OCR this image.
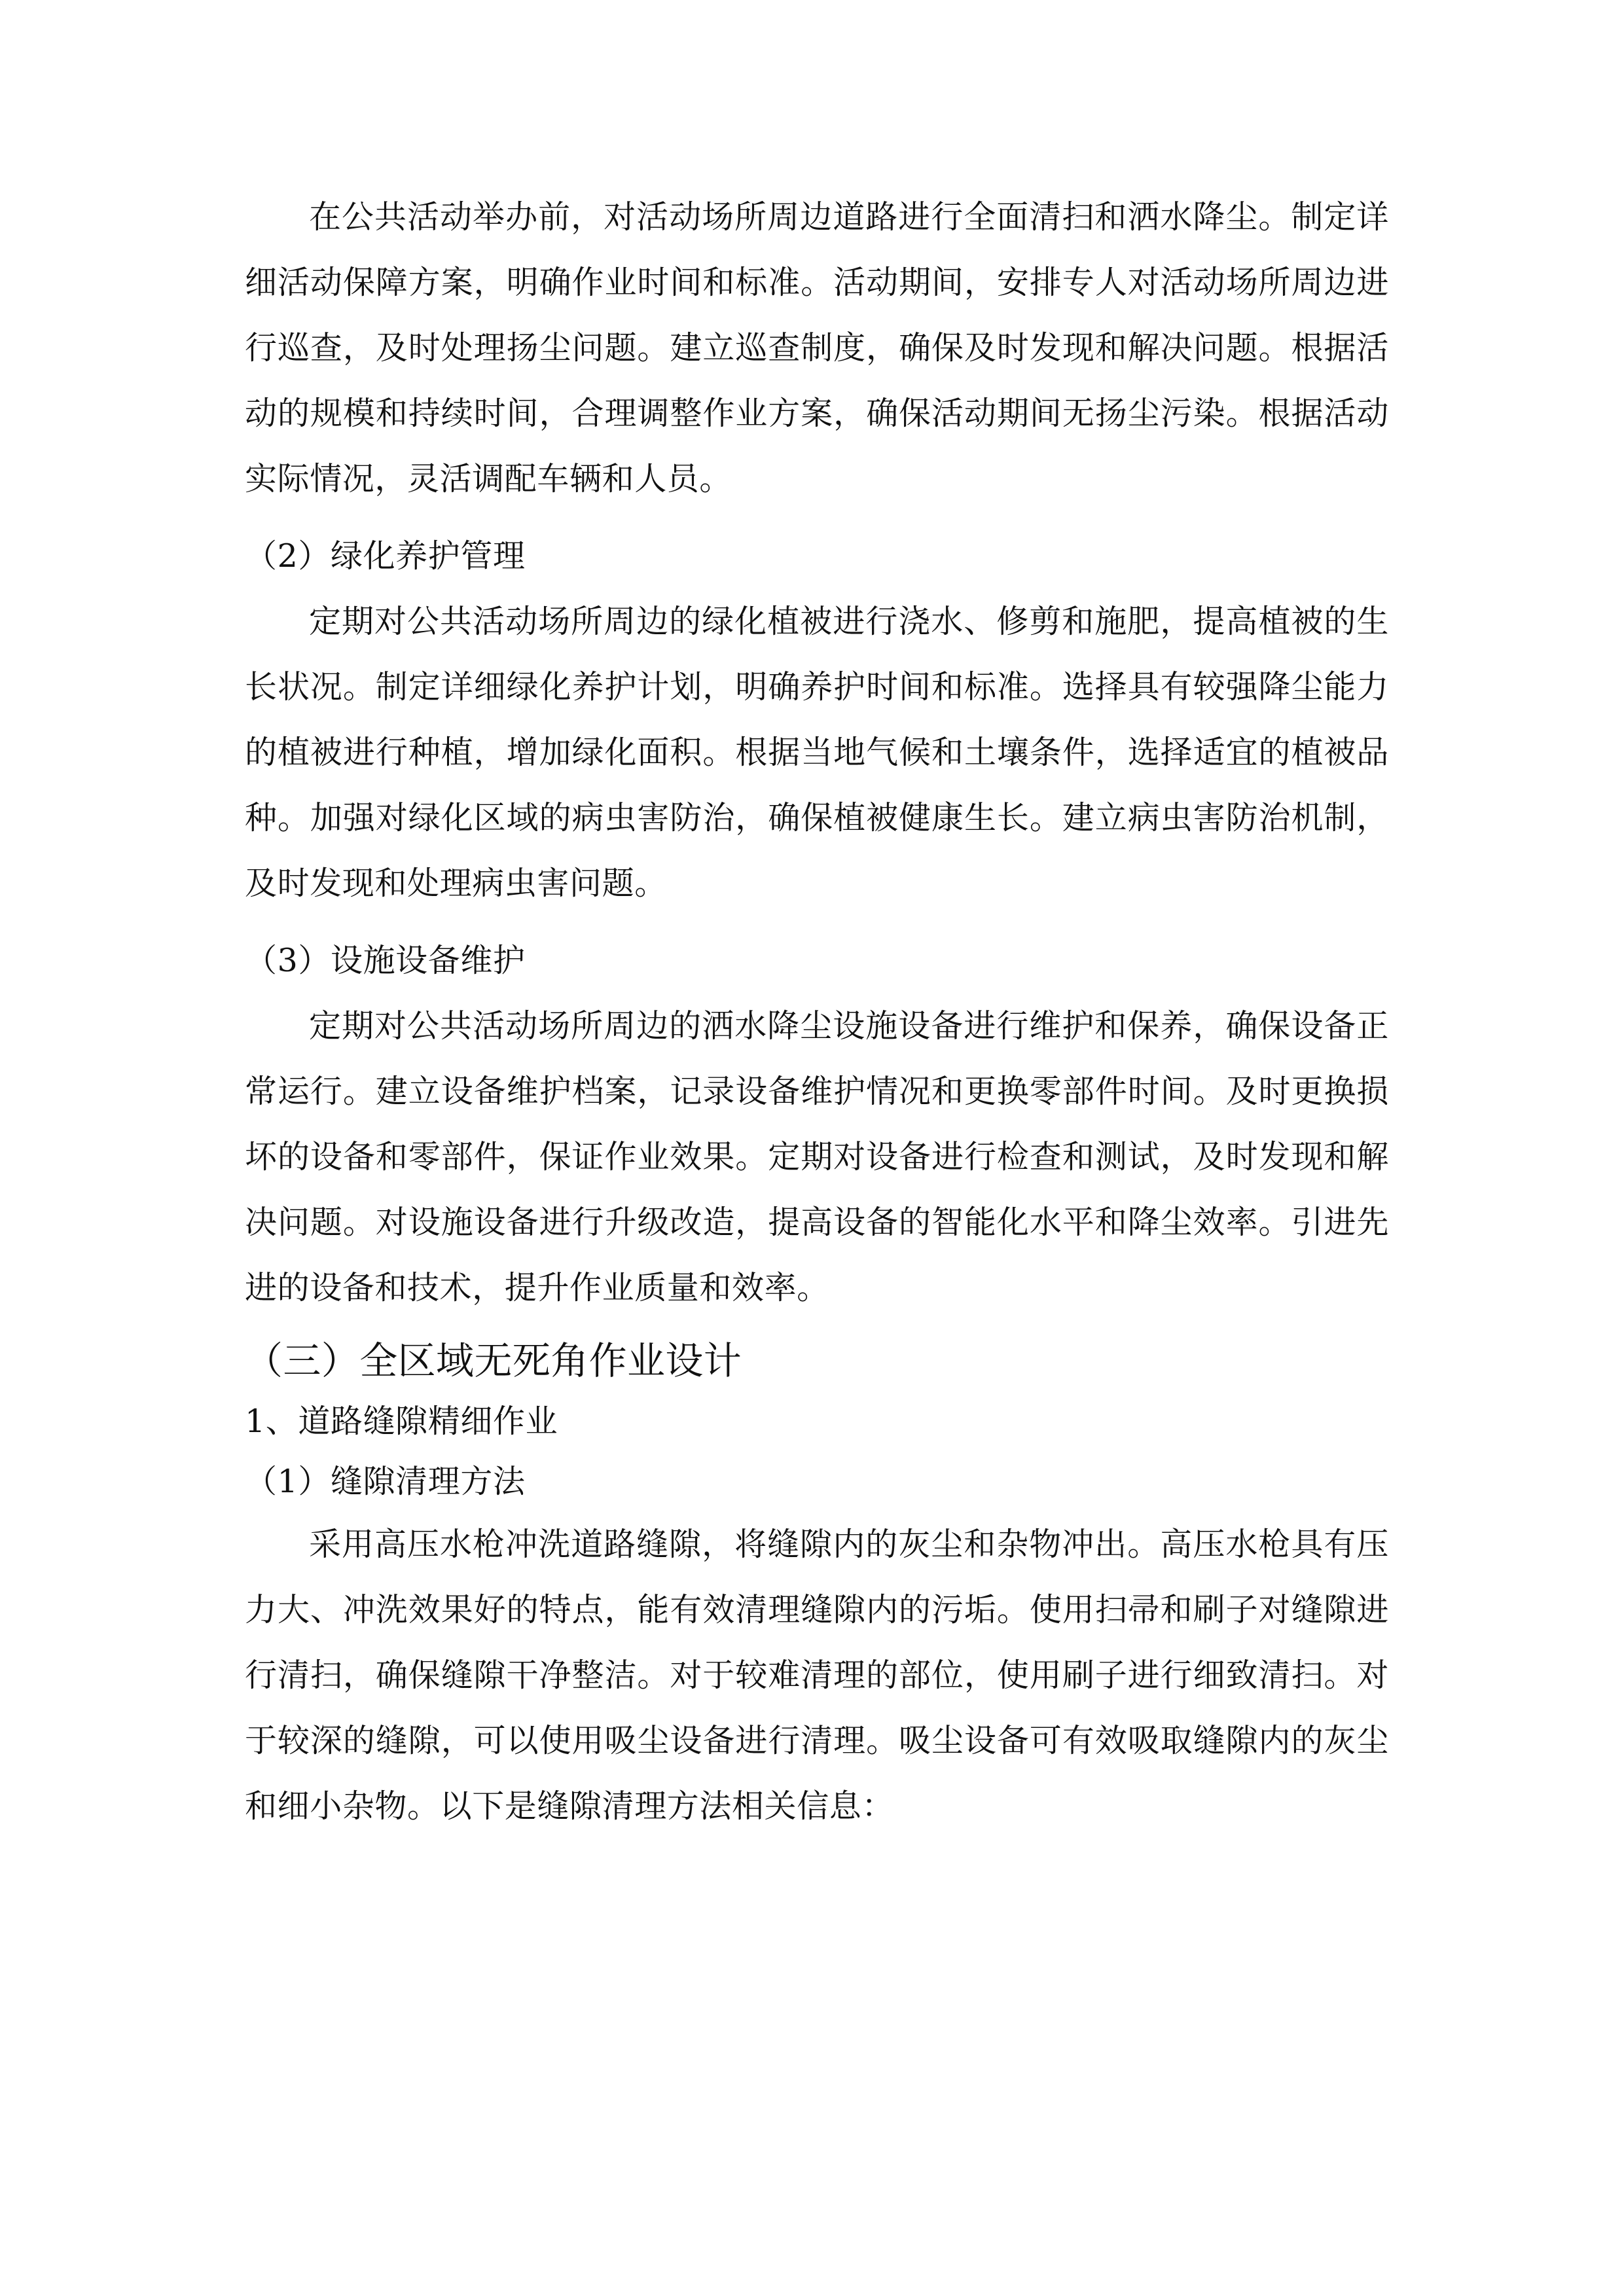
在公共活动举办前，对活动场所周边道路进行全面清扫和洒水降尘。制定详细活动保障方案，明确作业时间和标准。活动期间，安排专人对活动场所周边进行巡查，及时处理扬尘问题。建立巡查制度，确保及时发现和解决问题。根据活动的规模和持续时间，合理调整作业方案，确保活动期间无扬尘污染。根据活动实际情况，灵活调配车辆和人员。

（2）绿化养护管理

定期对公共活动场所周边的绿化植被进行浇水、修剪和施肥，提高植被的生长状况。制定详细绿化养护计划，明确养护时间和标准。选择具有较强降尘能力的植被进行种植，增加绿化面积。根据当地气候和土壤条件，选择适宜的植被品种。加强对绿化区域的病虫害防治，确保植被健康生长。建立病虫害防治机制，及时发现和处理病虫害问题。

（3）设施设备维护

定期对公共活动场所周边的洒水降尘设施设备进行维护和保养，确保设备正常运行。建立设备维护档案，记录设备维护情况和更换零部件时间。及时更换损坏的设备和零部件，保证作业效果。定期对设备进行检查和测试，及时发现和解决问题。对设施设备进行升级改造，提高设备的智能化水平和降尘效率。引进先进的设备和技术，提升作业质量和效率。

（三）全区域无死角作业设计

1、道路缝隙精细作业

（1）缝隙清理方法

采用高压水枪冲洗道路缝隙，将缝隙内的灰尘和杂物冲出。高压水枪具有压力大、冲洗效果好的特点，能有效清理缝隙内的污垢。使用扫帚和刷子对缝隙进行清扫，确保缝隙干净整洁。对于较难清理的部位，使用刷子进行细致清扫。对于较深的缝隙，可以使用吸尘设备进行清理。吸尘设备可有效吸取缝隙内的灰尘和细小杂物。以下是缝隙清理方法相关信息：
